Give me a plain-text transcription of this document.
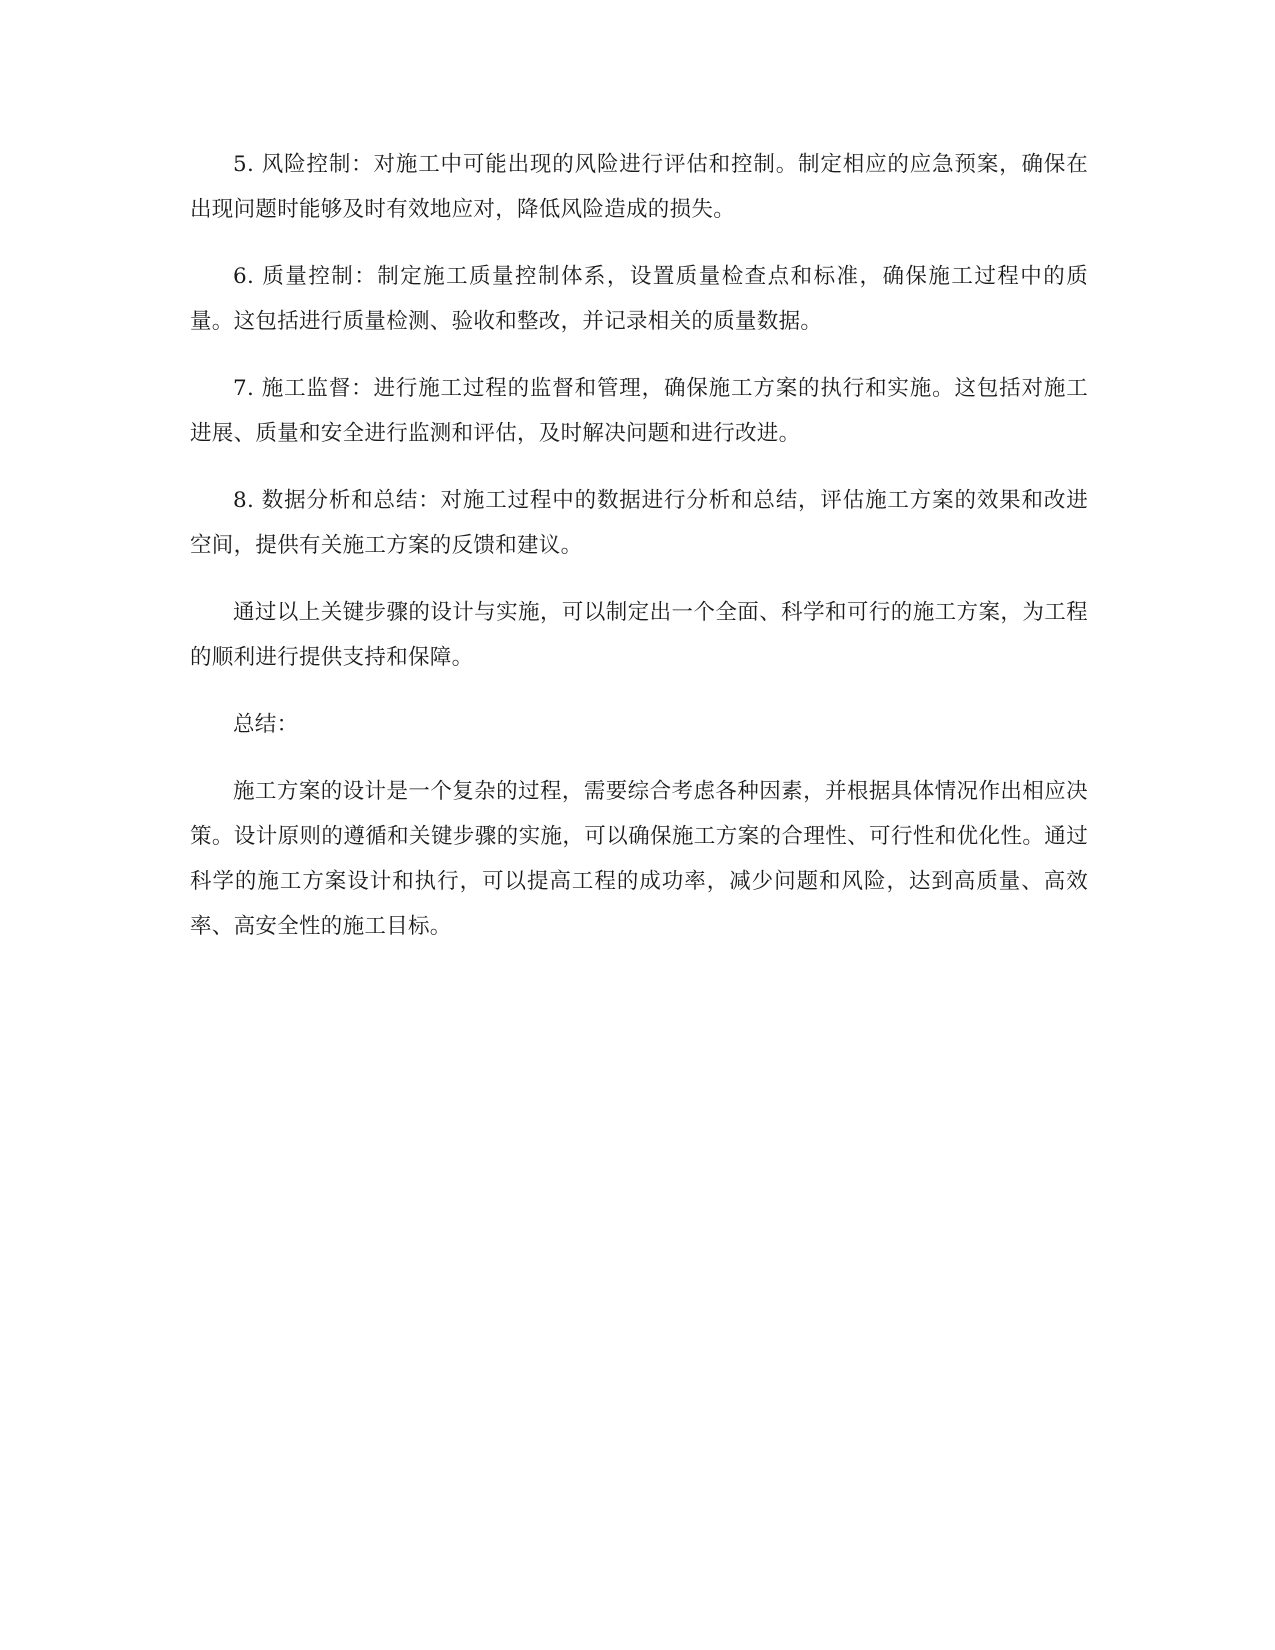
5. 风险控制：对施工中可能出现的风险进行评估和控制。制定相应的应急预案，确保在出现问题时能够及时有效地应对，降低风险造成的损失。

6. 质量控制：制定施工质量控制体系，设置质量检查点和标准，确保施工过程中的质量。这包括进行质量检测、验收和整改，并记录相关的质量数据。

7. 施工监督：进行施工过程的监督和管理，确保施工方案的执行和实施。这包括对施工进展、质量和安全进行监测和评估，及时解决问题和进行改进。

8. 数据分析和总结：对施工过程中的数据进行分析和总结，评估施工方案的效果和改进空间，提供有关施工方案的反馈和建议。

通过以上关键步骤的设计与实施，可以制定出一个全面、科学和可行的施工方案，为工程的顺利进行提供支持和保障。

总结：

施工方案的设计是一个复杂的过程，需要综合考虑各种因素，并根据具体情况作出相应决策。设计原则的遵循和关键步骤的实施，可以确保施工方案的合理性、可行性和优化性。通过科学的施工方案设计和执行，可以提高工程的成功率，减少问题和风险，达到高质量、高效率、高安全性的施工目标。
